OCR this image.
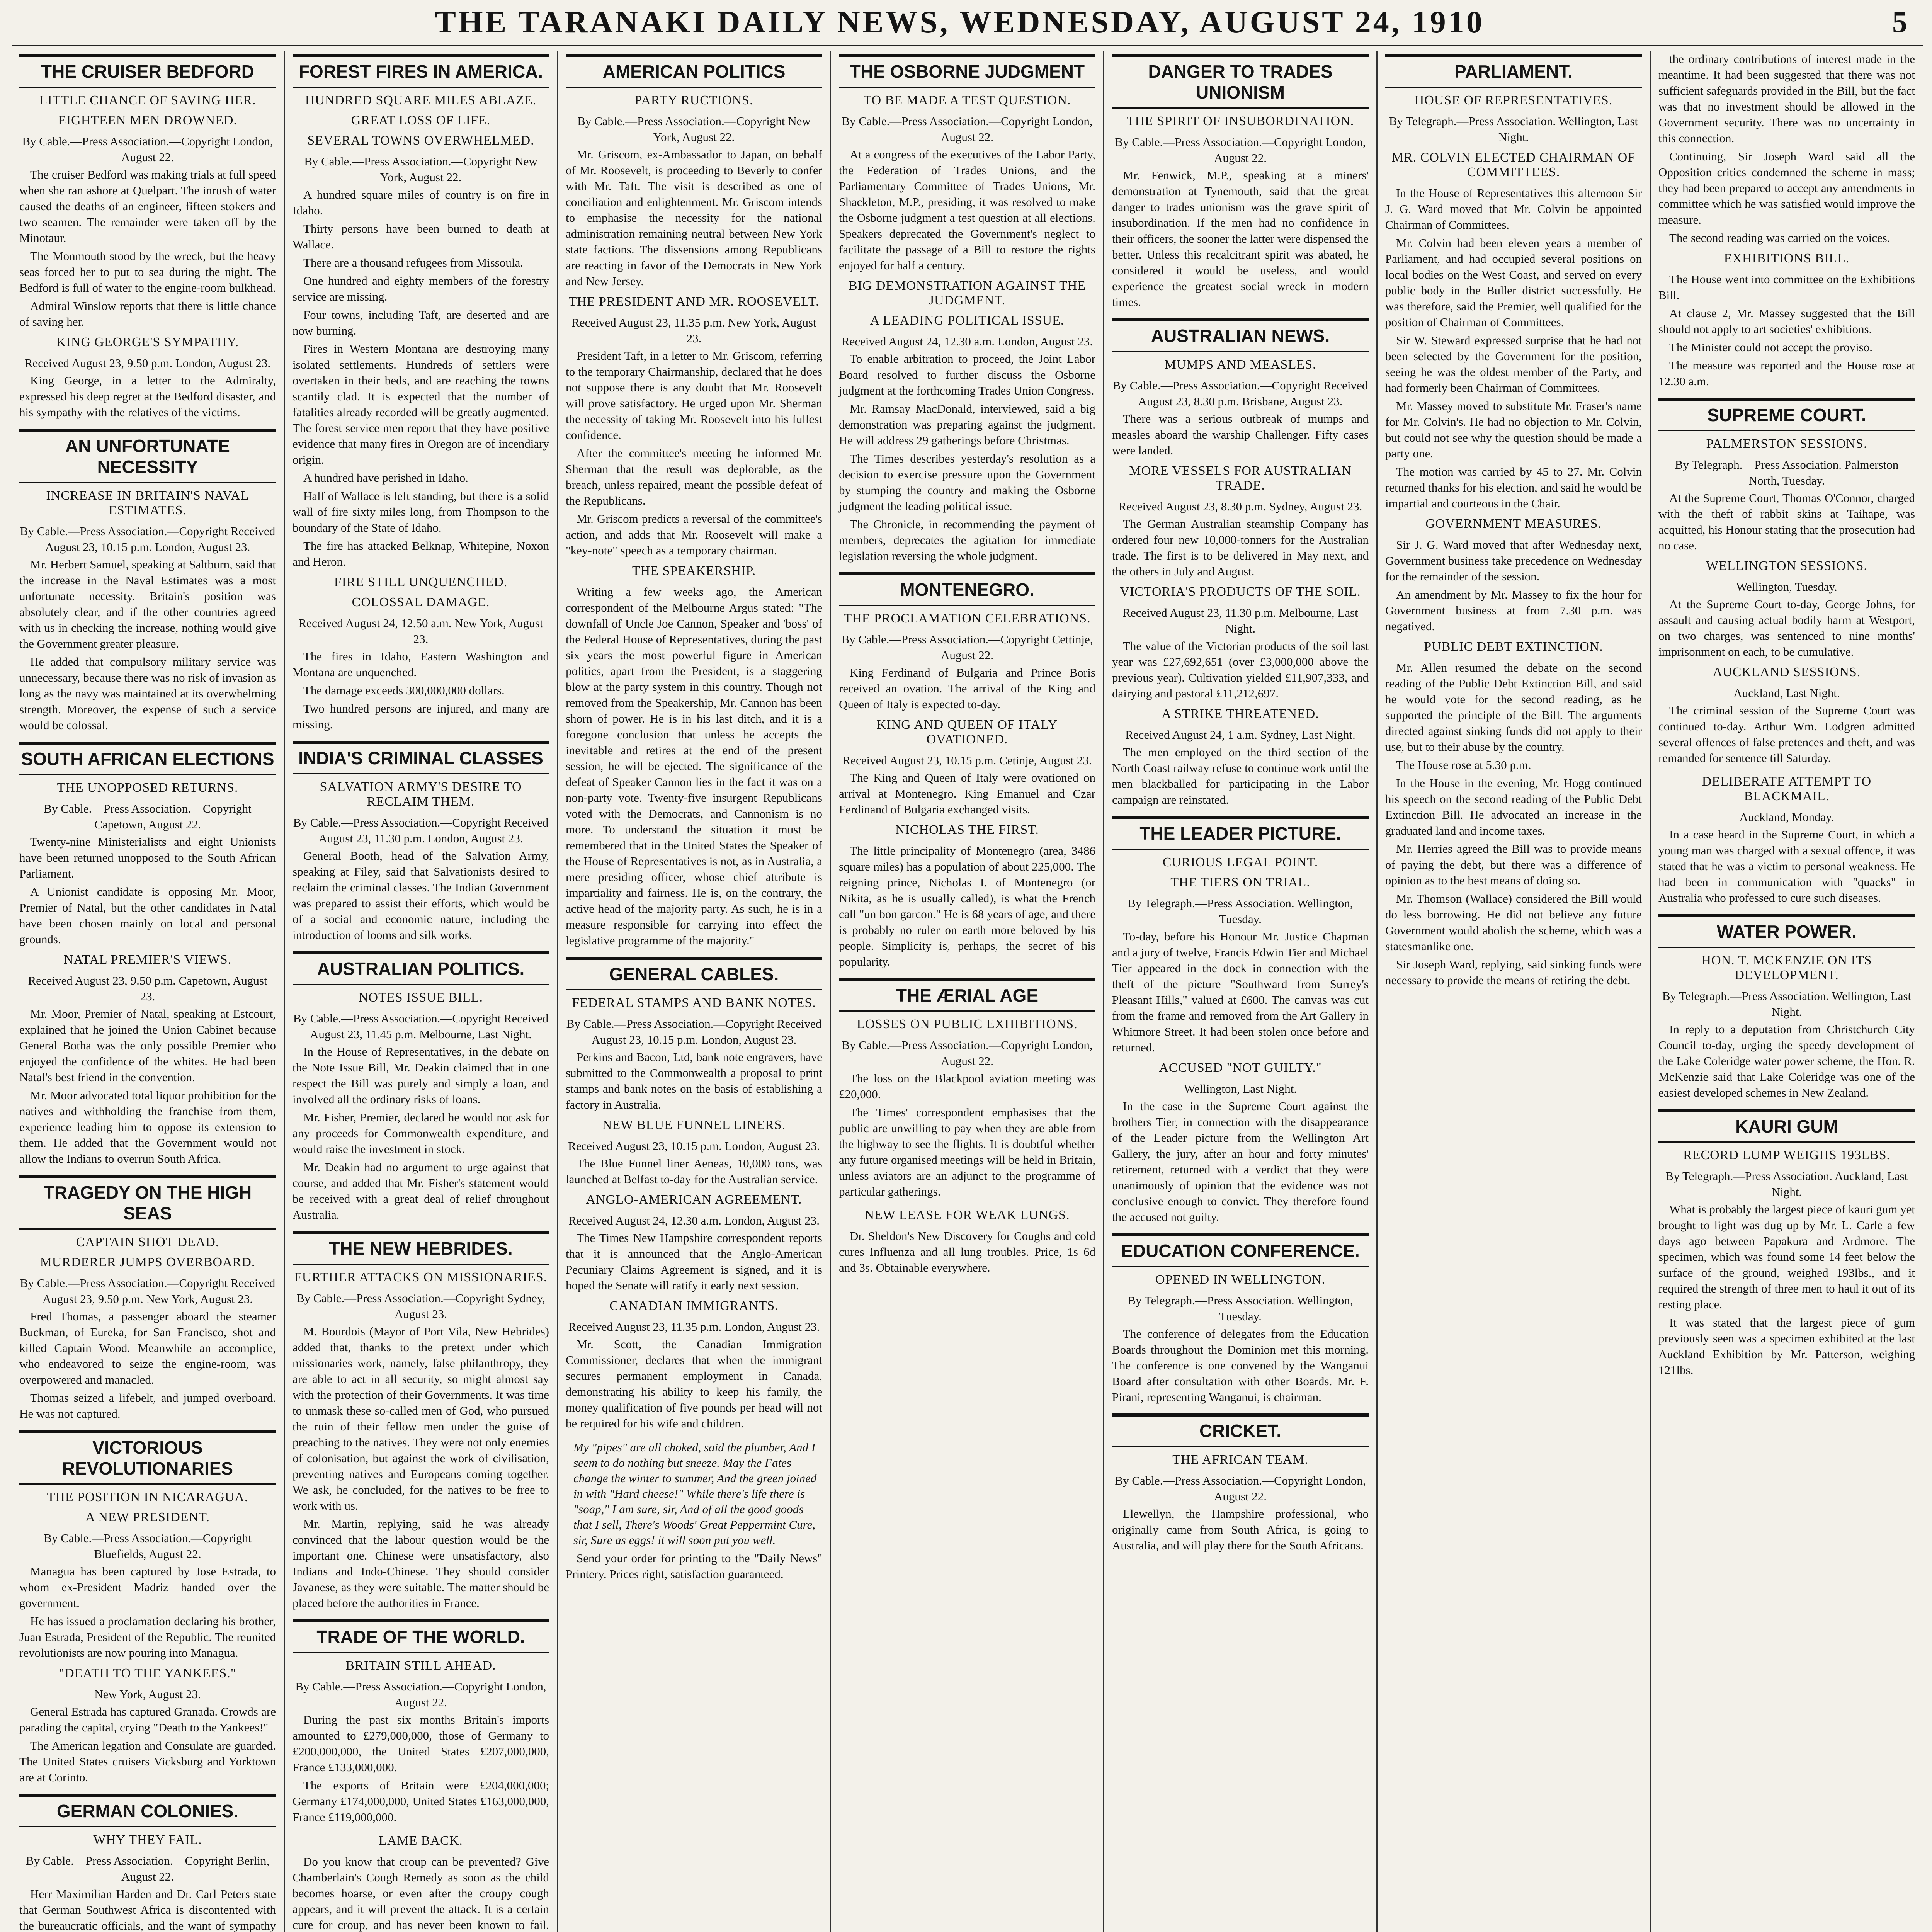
THE TARANAKI DAILY NEWS, WEDNESDAY, AUGUST 24, 1910	5
THE CRUISER BEDFORD
LITTLE CHANCE OF SAVING HER.
EIGHTEEN MEN DROWNED.
By Cable.—Press Association.—Copyright London, August 22.

The cruiser Bedford was making trials at full speed when she ran ashore at Quelpart. The inrush of water caused the deaths of an engineer, fifteen stokers and two seamen. The remainder were taken off by the Minotaur.

The Monmouth stood by the wreck, but the heavy seas forced her to put to sea during the night. The Bedford is full of water to the engine-room bulkhead.

Admiral Winslow reports that there is little chance of saving her.

KING GEORGE'S SYMPATHY.
Received August 23, 9.50 p.m. London, August 23.

King George, in a letter to the Admiralty, expressed his deep regret at the Bedford disaster, and his sympathy with the relatives of the victims.

AN UNFORTUNATE NECESSITY
INCREASE IN BRITAIN'S NAVAL ESTIMATES.
By Cable.—Press Association.—Copyright Received August 23, 10.15 p.m. London, August 23.

Mr. Herbert Samuel, speaking at Saltburn, said that the increase in the Naval Estimates was a most unfortunate necessity. Britain's position was absolutely clear, and if the other countries agreed with us in checking the increase, nothing would give the Government greater pleasure.

He added that compulsory military service was unnecessary, because there was no risk of invasion as long as the navy was maintained at its overwhelming strength. Moreover, the expense of such a service would be colossal.

SOUTH AFRICAN ELECTIONS
THE UNOPPOSED RETURNS.
By Cable.—Press Association.—Copyright Capetown, August 22.

Twenty-nine Ministerialists and eight Unionists have been returned unopposed to the South African Parliament.

A Unionist candidate is opposing Mr. Moor, Premier of Natal, but the other candidates in Natal have been chosen mainly on local and personal grounds.

NATAL PREMIER'S VIEWS.
Received August 23, 9.50 p.m. Capetown, August 23.

Mr. Moor, Premier of Natal, speaking at Estcourt, explained that he joined the Union Cabinet because General Botha was the only possible Premier who enjoyed the confidence of the whites. He had been Natal's best friend in the convention.

Mr. Moor advocated total liquor prohibition for the natives and withholding the franchise from them, experience leading him to oppose its extension to them. He added that the Government would not allow the Indians to overrun South Africa.

TRAGEDY ON THE HIGH SEAS
CAPTAIN SHOT DEAD.
MURDERER JUMPS OVERBOARD.
By Cable.—Press Association.—Copyright Received August 23, 9.50 p.m. New York, August 23.

Fred Thomas, a passenger aboard the steamer Buckman, of Eureka, for San Francisco, shot and killed Captain Wood. Meanwhile an accomplice, who endeavored to seize the engine-room, was overpowered and manacled.

Thomas seized a lifebelt, and jumped overboard. He was not captured.

VICTORIOUS REVOLUTIONARIES
THE POSITION IN NICARAGUA.
A NEW PRESIDENT.
By Cable.—Press Association.—Copyright Bluefields, August 22.

Managua has been captured by Jose Estrada, to whom ex-President Madriz handed over the government.

He has issued a proclamation declaring his brother, Juan Estrada, President of the Republic. The reunited revolutionists are now pouring into Managua.

"DEATH TO THE YANKEES."
New York, August 23.

General Estrada has captured Granada. Crowds are parading the capital, crying "Death to the Yankees!"

The American legation and Consulate are guarded. The United States cruisers Vicksburg and Yorktown are at Corinto.

GERMAN COLONIES.
WHY THEY FAIL.
By Cable.—Press Association.—Copyright Berlin, August 22.

Herr Maximilian Harden and Dr. Carl Peters state that German Southwest Africa is discontented with the bureaucratic officials, and the want of sympathy

FOREST FIRES IN AMERICA.
HUNDRED SQUARE MILES ABLAZE.
GREAT LOSS OF LIFE.
SEVERAL TOWNS OVERWHELMED.
By Cable.—Press Association.—Copyright New York, August 22.

A hundred square miles of country is on fire in Idaho.

Thirty persons have been burned to death at Wallace.

There are a thousand refugees from Missoula.

One hundred and eighty members of the forestry service are missing.

Four towns, including Taft, are deserted and are now burning.

Fires in Western Montana are destroying many isolated settlements. Hundreds of settlers were overtaken in their beds, and are reaching the towns scantily clad. It is expected that the number of fatalities already recorded will be greatly augmented. The forest service men report that they have positive evidence that many fires in Oregon are of incendiary origin.

A hundred have perished in Idaho.

Half of Wallace is left standing, but there is a solid wall of fire sixty miles long, from Thompson to the boundary of the State of Idaho.

The fire has attacked Belknap, Whitepine, Noxon and Heron.

FIRE STILL UNQUENCHED.
COLOSSAL DAMAGE.
Received August 24, 12.50 a.m. New York, August 23.

The fires in Idaho, Eastern Washington and Montana are unquenched.

The damage exceeds 300,000,000 dollars.

Two hundred persons are injured, and many are missing.

INDIA'S CRIMINAL CLASSES
SALVATION ARMY'S DESIRE TO RECLAIM THEM.
By Cable.—Press Association.—Copyright Received August 23, 11.30 p.m. London, August 23.

General Booth, head of the Salvation Army, speaking at Filey, said that Salvationists desired to reclaim the criminal classes. The Indian Government was prepared to assist their efforts, which would be of a social and economic nature, including the introduction of looms and silk works.

AUSTRALIAN POLITICS.
NOTES ISSUE BILL.
By Cable.—Press Association.—Copyright Received August 23, 11.45 p.m. Melbourne, Last Night.

In the House of Representatives, in the debate on the Note Issue Bill, Mr. Deakin claimed that in one respect the Bill was purely and simply a loan, and involved all the ordinary risks of loans.

Mr. Fisher, Premier, declared he would not ask for any proceeds for Commonwealth expenditure, and would raise the investment in stock.

Mr. Deakin had no argument to urge against that course, and added that Mr. Fisher's statement would be received with a great deal of relief throughout Australia.

THE NEW HEBRIDES.
FURTHER ATTACKS ON MISSIONARIES.
By Cable.—Press Association.—Copyright Sydney, August 23.

M. Bourdois (Mayor of Port Vila, New Hebrides) added that, thanks to the pretext under which missionaries work, namely, false philanthropy, they are able to act in all security, so might almost say with the protection of their Governments. It was time to unmask these so-called men of God, who pursued the ruin of their fellow men under the guise of preaching to the natives. They were not only enemies of colonisation, but against the work of civilisation, preventing natives and Europeans coming together. We ask, he concluded, for the natives to be free to work with us.

Mr. Martin, replying, said he was already convinced that the labour question would be the important one. Chinese were unsatisfactory, also Indians and Indo-Chinese. They should consider Javanese, as they were suitable. The matter should be placed before the authorities in France.

TRADE OF THE WORLD.
BRITAIN STILL AHEAD.
By Cable.—Press Association.—Copyright London, August 22.

During the past six months Britain's imports amounted to £279,000,000, those of Germany to £200,000,000, the United States £207,000,000, France £133,000,000.

The exports of Britain were £204,000,000; Germany £174,000,000, United States £163,000,000, France £119,000,000.

LAME BACK.

Do you know that croup can be prevented? Give Chamberlain's Cough Remedy as soon as the child becomes hoarse, or even after the croupy cough appears, and it will prevent the attack. It is a certain cure for croup, and has never been known to fail.

AMERICAN POLITICS
PARTY RUCTIONS.
By Cable.—Press Association.—Copyright New York, August 22.

Mr. Griscom, ex-Ambassador to Japan, on behalf of Mr. Roosevelt, is proceeding to Beverly to confer with Mr. Taft. The visit is described as one of conciliation and enlightenment. Mr. Griscom intends to emphasise the necessity for the national administration remaining neutral between New York state factions. The dissensions among Republicans are reacting in favor of the Democrats in New York and New Jersey.

THE PRESIDENT AND MR. ROOSEVELT.
Received August 23, 11.35 p.m. New York, August 23.

President Taft, in a letter to Mr. Griscom, referring to the temporary Chairmanship, declared that he does not suppose there is any doubt that Mr. Roosevelt will prove satisfactory. He urged upon Mr. Sherman the necessity of taking Mr. Roosevelt into his fullest confidence.

After the committee's meeting he informed Mr. Sherman that the result was deplorable, as the breach, unless repaired, meant the possible defeat of the Republicans.

Mr. Griscom predicts a reversal of the committee's action, and adds that Mr. Roosevelt will make a "key-note" speech as a temporary chairman.

THE SPEAKERSHIP.

Writing a few weeks ago, the American correspondent of the Melbourne Argus stated: "The downfall of Uncle Joe Cannon, Speaker and 'boss' of the Federal House of Representatives, during the past six years the most powerful figure in American politics, apart from the President, is a staggering blow at the party system in this country. Though not removed from the Speakership, Mr. Cannon has been shorn of power. He is in his last ditch, and it is a foregone conclusion that unless he accepts the inevitable and retires at the end of the present session, he will be ejected. The significance of the defeat of Speaker Cannon lies in the fact it was on a non-party vote. Twenty-five insurgent Republicans voted with the Democrats, and Cannonism is no more. To understand the situation it must be remembered that in the United States the Speaker of the House of Representatives is not, as in Australia, a mere presiding officer, whose chief attribute is impartiality and fairness. He is, on the contrary, the active head of the majority party. As such, he is in a measure responsible for carrying into effect the legislative programme of the majority."

GENERAL CABLES.
FEDERAL STAMPS AND BANK NOTES.
By Cable.—Press Association.—Copyright Received August 23, 10.15 p.m. London, August 23.

Perkins and Bacon, Ltd, bank note engravers, have submitted to the Commonwealth a proposal to print stamps and bank notes on the basis of establishing a factory in Australia.

NEW BLUE FUNNEL LINERS.
Received August 23, 10.15 p.m. London, August 23.

The Blue Funnel liner Aeneas, 10,000 tons, was launched at Belfast to-day for the Australian service.

ANGLO-AMERICAN AGREEMENT.
Received August 24, 12.30 a.m. London, August 23.

The Times New Hampshire correspondent reports that it is announced that the Anglo-American Pecuniary Claims Agreement is signed, and it is hoped the Senate will ratify it early next session.

CANADIAN IMMIGRANTS.
Received August 23, 11.35 p.m. London, August 23.

Mr. Scott, the Canadian Immigration Commissioner, declares that when the immigrant secures permanent employment in Canada, demonstrating his ability to keep his family, the money qualification of five pounds per head will not be required for his wife and children.

My "pipes" are all choked, said the plumber, And I seem to do nothing but sneeze. May the Fates change the winter to summer, And the green joined in with "Hard cheese!" While there's life there is "soap," I am sure, sir, And of all the good goods that I sell, There's Woods' Great Peppermint Cure, sir, Sure as eggs! it will soon put you well.

Send your order for printing to the "Daily News" Printery. Prices right, satisfaction guaranteed.

THE OSBORNE JUDGMENT
TO BE MADE A TEST QUESTION.
By Cable.—Press Association.—Copyright London, August 22.

At a congress of the executives of the Labor Party, the Federation of Trades Unions, and the Parliamentary Committee of Trades Unions, Mr. Shackleton, M.P., presiding, it was resolved to make the Osborne judgment a test question at all elections. Speakers deprecated the Government's neglect to facilitate the passage of a Bill to restore the rights enjoyed for half a century.

BIG DEMONSTRATION AGAINST THE JUDGMENT.
A LEADING POLITICAL ISSUE.
Received August 24, 12.30 a.m. London, August 23.

To enable arbitration to proceed, the Joint Labor Board resolved to further discuss the Osborne judgment at the forthcoming Trades Union Congress.

Mr. Ramsay MacDonald, interviewed, said a big demonstration was preparing against the judgment. He will address 29 gatherings before Christmas.

The Times describes yesterday's resolution as a decision to exercise pressure upon the Government by stumping the country and making the Osborne judgment the leading political issue.

The Chronicle, in recommending the payment of members, deprecates the agitation for immediate legislation reversing the whole judgment.

MONTENEGRO.
THE PROCLAMATION CELEBRATIONS.
By Cable.—Press Association.—Copyright Cettinje, August 22.

King Ferdinand of Bulgaria and Prince Boris received an ovation. The arrival of the King and Queen of Italy is expected to-day.

KING AND QUEEN OF ITALY OVATIONED.
Received August 23, 10.15 p.m. Cetinje, August 23.

The King and Queen of Italy were ovationed on arrival at Montenegro. King Emanuel and Czar Ferdinand of Bulgaria exchanged visits.

NICHOLAS THE FIRST.

The little principality of Montenegro (area, 3486 square miles) has a population of about 225,000. The reigning prince, Nicholas I. of Montenegro (or Nikita, as he is usually called), is what the French call "un bon garcon." He is 68 years of age, and there is probably no ruler on earth more beloved by his people. Simplicity is, perhaps, the secret of his popularity.

THE ÆRIAL AGE
LOSSES ON PUBLIC EXHIBITIONS.
By Cable.—Press Association.—Copyright London, August 22.

The loss on the Blackpool aviation meeting was £20,000.

The Times' correspondent emphasises that the public are unwilling to pay when they are able from the highway to see the flights. It is doubtful whether any future organised meetings will be held in Britain, unless aviators are an adjunct to the programme of particular gatherings.

NEW LEASE FOR WEAK LUNGS.

Dr. Sheldon's New Discovery for Coughs and cold cures Influenza and all lung troubles. Price, 1s 6d and 3s. Obtainable everywhere.

DANGER TO TRADES UNIONISM
THE SPIRIT OF INSUBORDINATION.
By Cable.—Press Association.—Copyright London, August 22.

Mr. Fenwick, M.P., speaking at a miners' demonstration at Tynemouth, said that the great danger to trades unionism was the grave spirit of insubordination. If the men had no confidence in their officers, the sooner the latter were dispensed the better. Unless this recalcitrant spirit was abated, he considered it would be useless, and would experience the greatest social wreck in modern times.

AUSTRALIAN NEWS.
MUMPS AND MEASLES.
By Cable.—Press Association.—Copyright Received August 23, 8.30 p.m. Brisbane, August 23.

There was a serious outbreak of mumps and measles aboard the warship Challenger. Fifty cases were landed.

MORE VESSELS FOR AUSTRALIAN TRADE.
Received August 23, 8.30 p.m. Sydney, August 23.

The German Australian steamship Company has ordered four new 10,000-tonners for the Australian trade. The first is to be delivered in May next, and the others in July and August.

VICTORIA'S PRODUCTS OF THE SOIL.
Received August 23, 11.30 p.m. Melbourne, Last Night.

The value of the Victorian products of the soil last year was £27,692,651 (over £3,000,000 above the previous year). Cultivation yielded £11,907,333, and dairying and pastoral £11,212,697.

A STRIKE THREATENED.
Received August 24, 1 a.m. Sydney, Last Night.

The men employed on the third section of the North Coast railway refuse to continue work until the men blackballed for participating in the Labor campaign are reinstated.

THE LEADER PICTURE.
CURIOUS LEGAL POINT.
THE TIERS ON TRIAL.
By Telegraph.—Press Association. Wellington, Tuesday.

To-day, before his Honour Mr. Justice Chapman and a jury of twelve, Francis Edwin Tier and Michael Tier appeared in the dock in connection with the theft of the picture "Southward from Surrey's Pleasant Hills," valued at £600. The canvas was cut from the frame and removed from the Art Gallery in Whitmore Street. It had been stolen once before and returned.

ACCUSED "NOT GUILTY."
Wellington, Last Night.

In the case in the Supreme Court against the brothers Tier, in connection with the disappearance of the Leader picture from the Wellington Art Gallery, the jury, after an hour and forty minutes' retirement, returned with a verdict that they were unanimously of opinion that the evidence was not conclusive enough to convict. They therefore found the accused not guilty.

EDUCATION CONFERENCE.
OPENED IN WELLINGTON.
By Telegraph.—Press Association. Wellington, Tuesday.

The conference of delegates from the Education Boards throughout the Dominion met this morning. The conference is one convened by the Wanganui Board after consultation with other Boards. Mr. F. Pirani, representing Wanganui, is chairman.

CRICKET.
THE AFRICAN TEAM.
By Cable.—Press Association.—Copyright London, August 22.

Llewellyn, the Hampshire professional, who originally came from South Africa, is going to Australia, and will play there for the South Africans.

PARLIAMENT.
HOUSE OF REPRESENTATIVES.
By Telegraph.—Press Association. Wellington, Last Night.
MR. COLVIN ELECTED CHAIRMAN OF COMMITTEES.

In the House of Representatives this afternoon Sir J. G. Ward moved that Mr. Colvin be appointed Chairman of Committees.

Mr. Colvin had been eleven years a member of Parliament, and had occupied several positions on local bodies on the West Coast, and served on every public body in the Buller district successfully. He was therefore, said the Premier, well qualified for the position of Chairman of Committees.

Sir W. Steward expressed surprise that he had not been selected by the Government for the position, seeing he was the oldest member of the Party, and had formerly been Chairman of Committees.

Mr. Massey moved to substitute Mr. Fraser's name for Mr. Colvin's. He had no objection to Mr. Colvin, but could not see why the question should be made a party one.

The motion was carried by 45 to 27. Mr. Colvin returned thanks for his election, and said he would be impartial and courteous in the Chair.

GOVERNMENT MEASURES.

Sir J. G. Ward moved that after Wednesday next, Government business take precedence on Wednesday for the remainder of the session.

An amendment by Mr. Massey to fix the hour for Government business at from 7.30 p.m. was negatived.

PUBLIC DEBT EXTINCTION.

Mr. Allen resumed the debate on the second reading of the Public Debt Extinction Bill, and said he would vote for the second reading, as he supported the principle of the Bill. The arguments directed against sinking funds did not apply to their use, but to their abuse by the country.

The House rose at 5.30 p.m.

In the House in the evening, Mr. Hogg continued his speech on the second reading of the Public Debt Extinction Bill. He advocated an increase in the graduated land and income taxes.

Mr. Herries agreed the Bill was to provide means of paying the debt, but there was a difference of opinion as to the best means of doing so.

Mr. Thomson (Wallace) considered the Bill would do less borrowing. He did not believe any future Government would abolish the scheme, which was a statesmanlike one.

Sir Joseph Ward, replying, said sinking funds were necessary to provide the means of retiring the debt.

the ordinary contributions of interest made in the meantime. It had been suggested that there was not sufficient safeguards provided in the Bill, but the fact was that no investment should be allowed in the Government security. There was no uncertainty in this connection.

Continuing, Sir Joseph Ward said all the Opposition critics condemned the scheme in mass; they had been prepared to accept any amendments in committee which he was satisfied would improve the measure.

The second reading was carried on the voices.

EXHIBITIONS BILL.

The House went into committee on the Exhibitions Bill.

At clause 2, Mr. Massey suggested that the Bill should not apply to art societies' exhibitions.

The Minister could not accept the proviso.

The measure was reported and the House rose at 12.30 a.m.

SUPREME COURT.
PALMERSTON SESSIONS.
By Telegraph.—Press Association. Palmerston North, Tuesday.

At the Supreme Court, Thomas O'Connor, charged with the theft of rabbit skins at Taihape, was acquitted, his Honour stating that the prosecution had no case.

WELLINGTON SESSIONS.
Wellington, Tuesday.

At the Supreme Court to-day, George Johns, for assault and causing actual bodily harm at Westport, on two charges, was sentenced to nine months' imprisonment on each, to be cumulative.

AUCKLAND SESSIONS.
Auckland, Last Night.

The criminal session of the Supreme Court was continued to-day. Arthur Wm. Lodgren admitted several offences of false pretences and theft, and was remanded for sentence till Saturday.

DELIBERATE ATTEMPT TO BLACKMAIL.
Auckland, Monday.

In a case heard in the Supreme Court, in which a young man was charged with a sexual offence, it was stated that he was a victim to personal weakness. He had been in communication with "quacks" in Australia who professed to cure such diseases.

WATER POWER.
HON. T. MCKENZIE ON ITS DEVELOPMENT.
By Telegraph.—Press Association. Wellington, Last Night.

In reply to a deputation from Christchurch City Council to-day, urging the speedy development of the Lake Coleridge water power scheme, the Hon. R. McKenzie said that Lake Coleridge was one of the easiest developed schemes in New Zealand.

KAURI GUM
RECORD LUMP WEIGHS 193LBS.
By Telegraph.—Press Association. Auckland, Last Night.

What is probably the largest piece of kauri gum yet brought to light was dug up by Mr. L. Carle a few days ago between Papakura and Ardmore. The specimen, which was found some 14 feet below the surface of the ground, weighed 193lbs., and it required the strength of three men to haul it out of its resting place.

It was stated that the largest piece of gum previously seen was a specimen exhibited at the last Auckland Exhibition by Mr. Patterson, weighing 121lbs.
